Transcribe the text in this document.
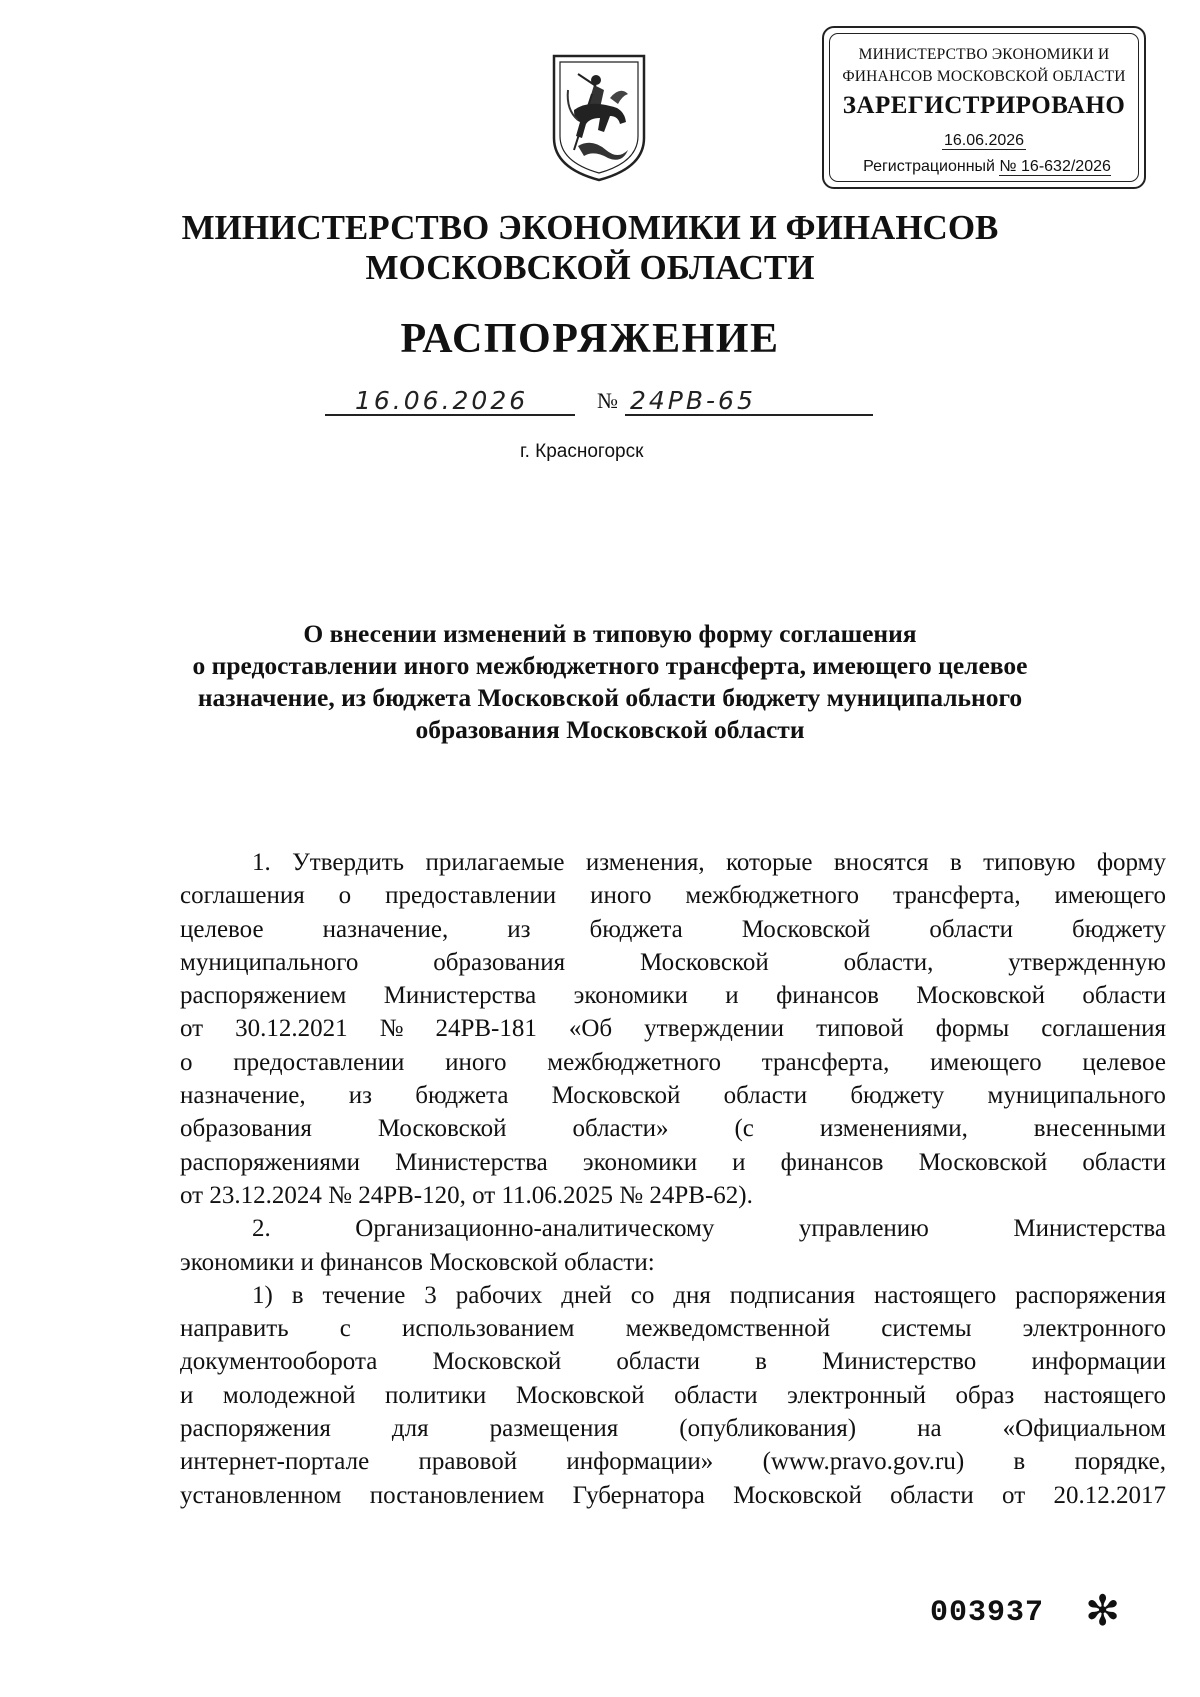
МИНИСТЕРСТВО ЭКОНОМИКИ И
ФИНАНСОВ МОСКОВСКОЙ ОБЛАСТИ
ЗАРЕГИСТРИРОВАНО
16.06.2026
Регистрационный № 16-632/2026
МИНИСТЕРСТВО ЭКОНОМИКИ И ФИНАНСОВ
МОСКОВСКОЙ ОБЛАСТИ
РАСПОРЯЖЕНИЕ
16.06.2026	№ 24РВ-65
г. Красногорск
О внесении изменений в типовую форму соглашения
о предоставлении иного межбюджетного трансферта, имеющего целевое
назначение, из бюджета Московской области бюджету муниципального
образования Московской области
1. Утвердить прилагаемые изменения, которые вносятся в типовую форму
соглашения о предоставлении иного межбюджетного трансферта, имеющего
целевое назначение, из бюджета Московской области бюджету
муниципального	образования	Московской	области,	утвержденную
распоряжением Министерства экономики и финансов Московской области
от 30.12.2021 № 24РВ-181 «Об утверждении типовой формы соглашения
о предоставлении иного межбюджетного трансферта, имеющего целевое
назначение, из бюджета Московской области бюджету муниципального
образования	Московской	области»	(с	изменениями,	внесенными
распоряжениями Министерства экономики и финансов Московской области
от 23.12.2024 № 24РВ-120, от 11.06.2025 № 24РВ-62).
2.	Организационно-аналитическому	управлению	Министерства
экономики и финансов Московской области:
1) в течение 3 рабочих дней со дня подписания настоящего распоряжения
направить с использованием межведомственной системы электронного
документооборота Московской области в Министерство информации
и молодежной политики Московской области электронный образ настоящего
распоряжения для размещения (опубликования) на «Официальном
интернет-портале правовой информации» (www.pravo.gov.ru) в порядке,
установленном постановлением Губернатора Московской области от 20.12.2017
003937 ✻
